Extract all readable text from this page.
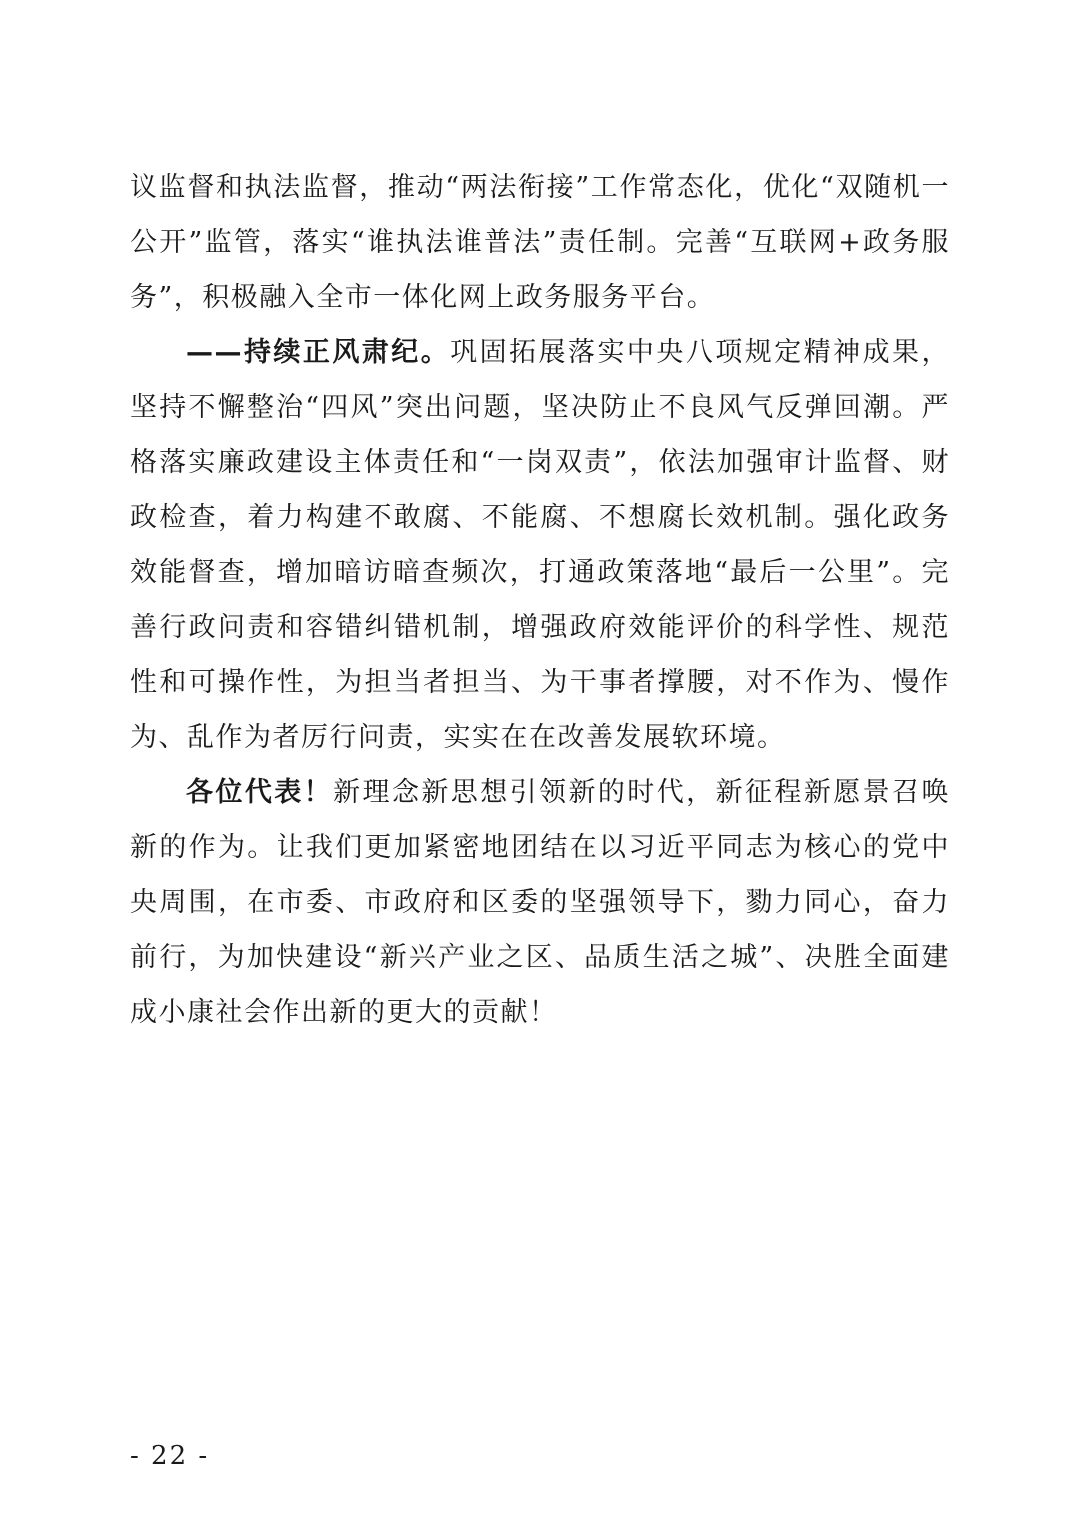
议监督和执法监督，推动“两法衔接”工作常态化，优化“双随机一公开”监管，落实“谁执法谁普法”责任制。完善“互联网+政务服务”，积极融入全市一体化网上政务服务平台。

——持续正风肃纪。巩固拓展落实中央八项规定精神成果，坚持不懈整治“四风”突出问题，坚决防止不良风气反弹回潮。严格落实廉政建设主体责任和“一岗双责”，依法加强审计监督、财政检查，着力构建不敢腐、不能腐、不想腐长效机制。强化政务效能督查，增加暗访暗查频次，打通政策落地“最后一公里”。完善行政问责和容错纠错机制，增强政府效能评价的科学性、规范性和可操作性，为担当者担当、为干事者撑腰，对不作为、慢作为、乱作为者厉行问责，实实在在改善发展软环境。

各位代表！新理念新思想引领新的时代，新征程新愿景召唤新的作为。让我们更加紧密地团结在以习近平同志为核心的党中央周围，在市委、市政府和区委的坚强领导下，勠力同心，奋力前行，为加快建设“新兴产业之区、品质生活之城”、决胜全面建成小康社会作出新的更大的贡献！

- 22 -
